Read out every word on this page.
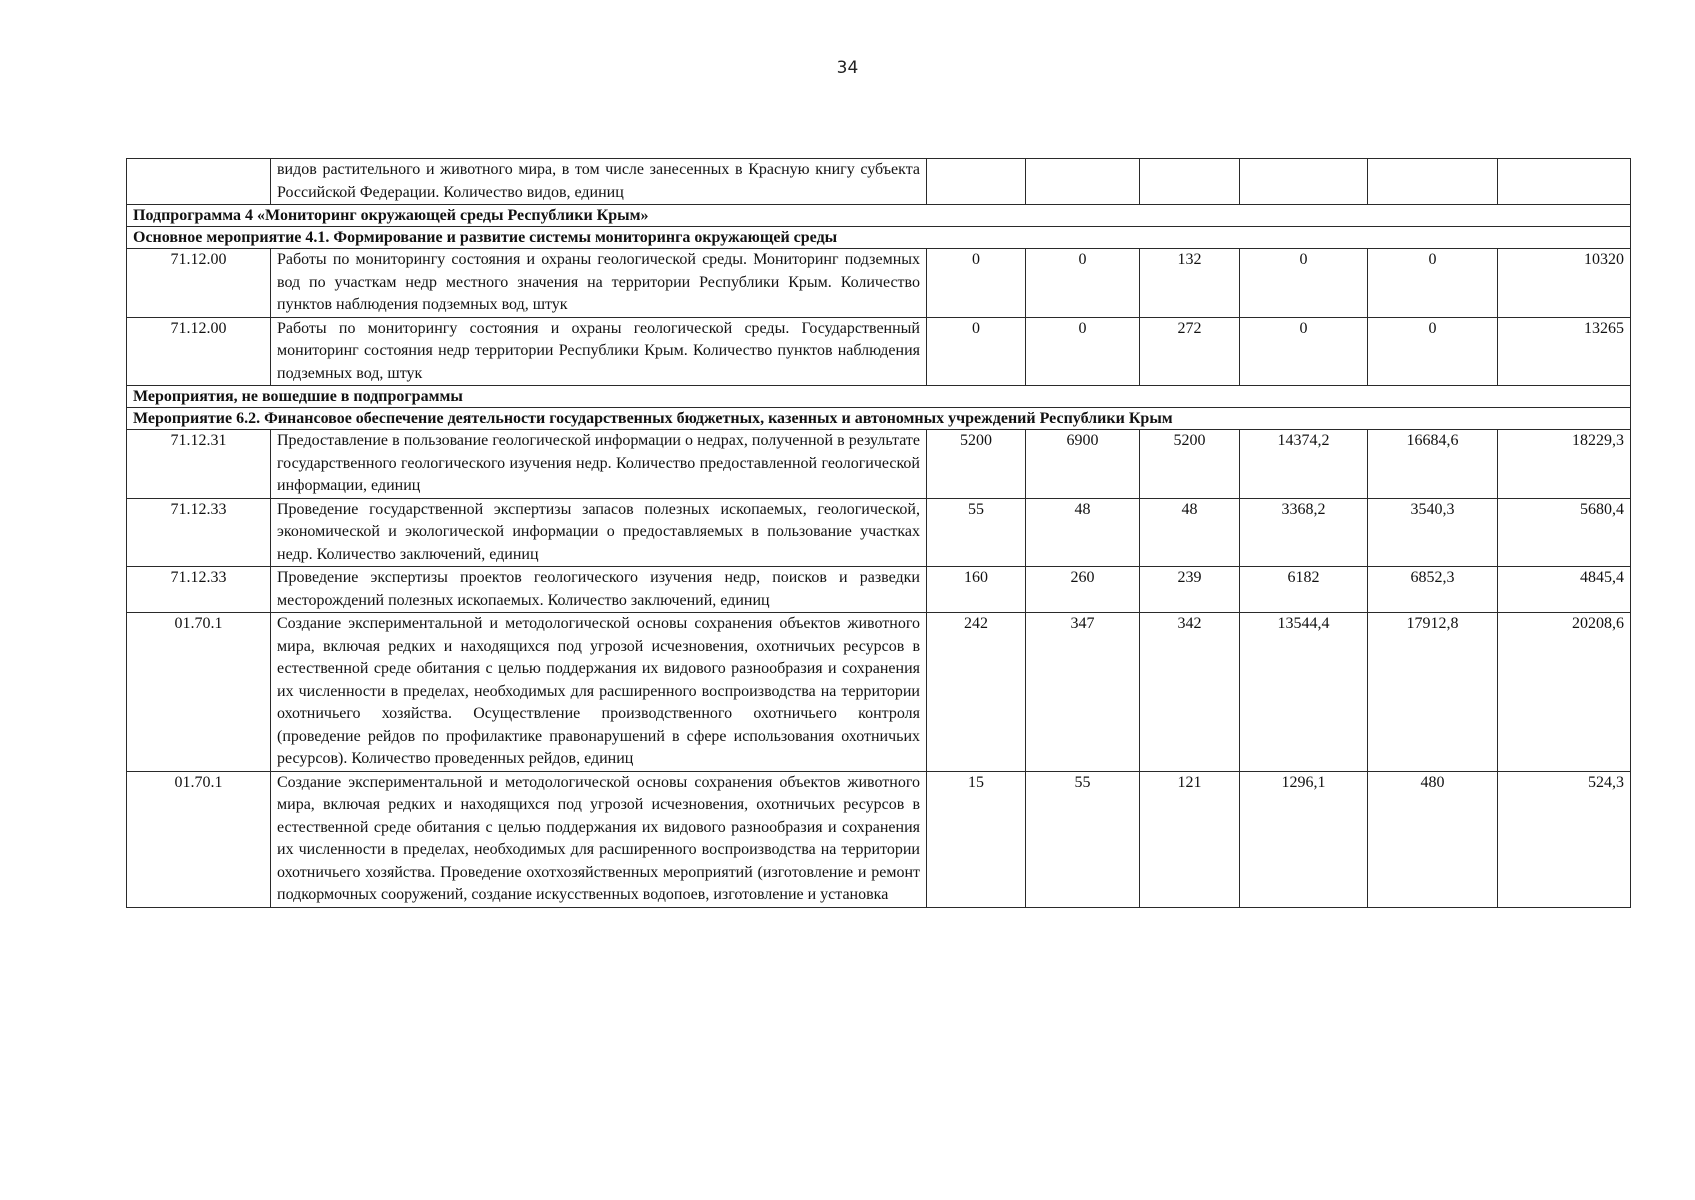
34
	видов растительного и животного мира, в том числе занесенных в Красную книгу субъекта Российской Федерации. Количество видов, единиц						
Подпрограмма 4 «Мониторинг окружающей среды Республики Крым»							
Основное мероприятие 4.1. Формирование и развитие системы мониторинга окружающей среды							
71.12.00	Работы по мониторингу состояния и охраны геологической среды. Мониторинг подземных вод по участкам недр местного значения на территории Республики Крым. Количество пунктов наблюдения подземных вод, штук	0	0	132	0	0	10320
71.12.00	Работы по мониторингу состояния и охраны геологической среды. Государственный мониторинг состояния недр территории Республики Крым. Количество пунктов наблюдения подземных вод, штук	0	0	272	0	0	13265
Мероприятия, не вошедшие в подпрограммы							
Мероприятие 6.2. Финансовое обеспечение деятельности государственных бюджетных, казенных и автономных учреждений Республики Крым							
71.12.31	Предоставление в пользование геологической информации о недрах, полученной в результате государственного геологического изучения недр. Количество предоставленной геологической информации, единиц	5200	6900	5200	14374,2	16684,6	18229,3
71.12.33	Проведение государственной экспертизы запасов полезных ископаемых, геологической, экономической и экологической информации о предоставляемых в пользование участках недр. Количество заключений, единиц	55	48	48	3368,2	3540,3	5680,4
71.12.33	Проведение экспертизы проектов геологического изучения недр, поисков и разведки месторождений полезных ископаемых. Количество заключений, единиц	160	260	239	6182	6852,3	4845,4
01.70.1	Создание экспериментальной и методологической основы сохранения объектов животного мира, включая редких и находящихся под угрозой исчезновения, охотничьих ресурсов в естественной среде обитания с целью поддержания их видового разнообразия и сохранения их численности в пределах, необходимых для расширенного воспроизводства на территории охотничьего хозяйства. Осуществление производственного охотничьего контроля (проведение рейдов по профилактике правонарушений в сфере использования охотничьих ресурсов). Количество проведенных рейдов, единиц	242	347	342	13544,4	17912,8	20208,6
01.70.1	Создание экспериментальной и методологической основы сохранения объектов животного мира, включая редких и находящихся под угрозой исчезновения, охотничьих ресурсов в естественной среде обитания с целью поддержания их видового разнообразия и сохранения их численности в пределах, необходимых для расширенного воспроизводства на территории охотничьего хозяйства. Проведение охотхозяйственных мероприятий (изготовление и ремонт подкормочных сооружений, создание искусственных водопоев, изготовление и установка	15	55	121	1296,1	480	524,3
